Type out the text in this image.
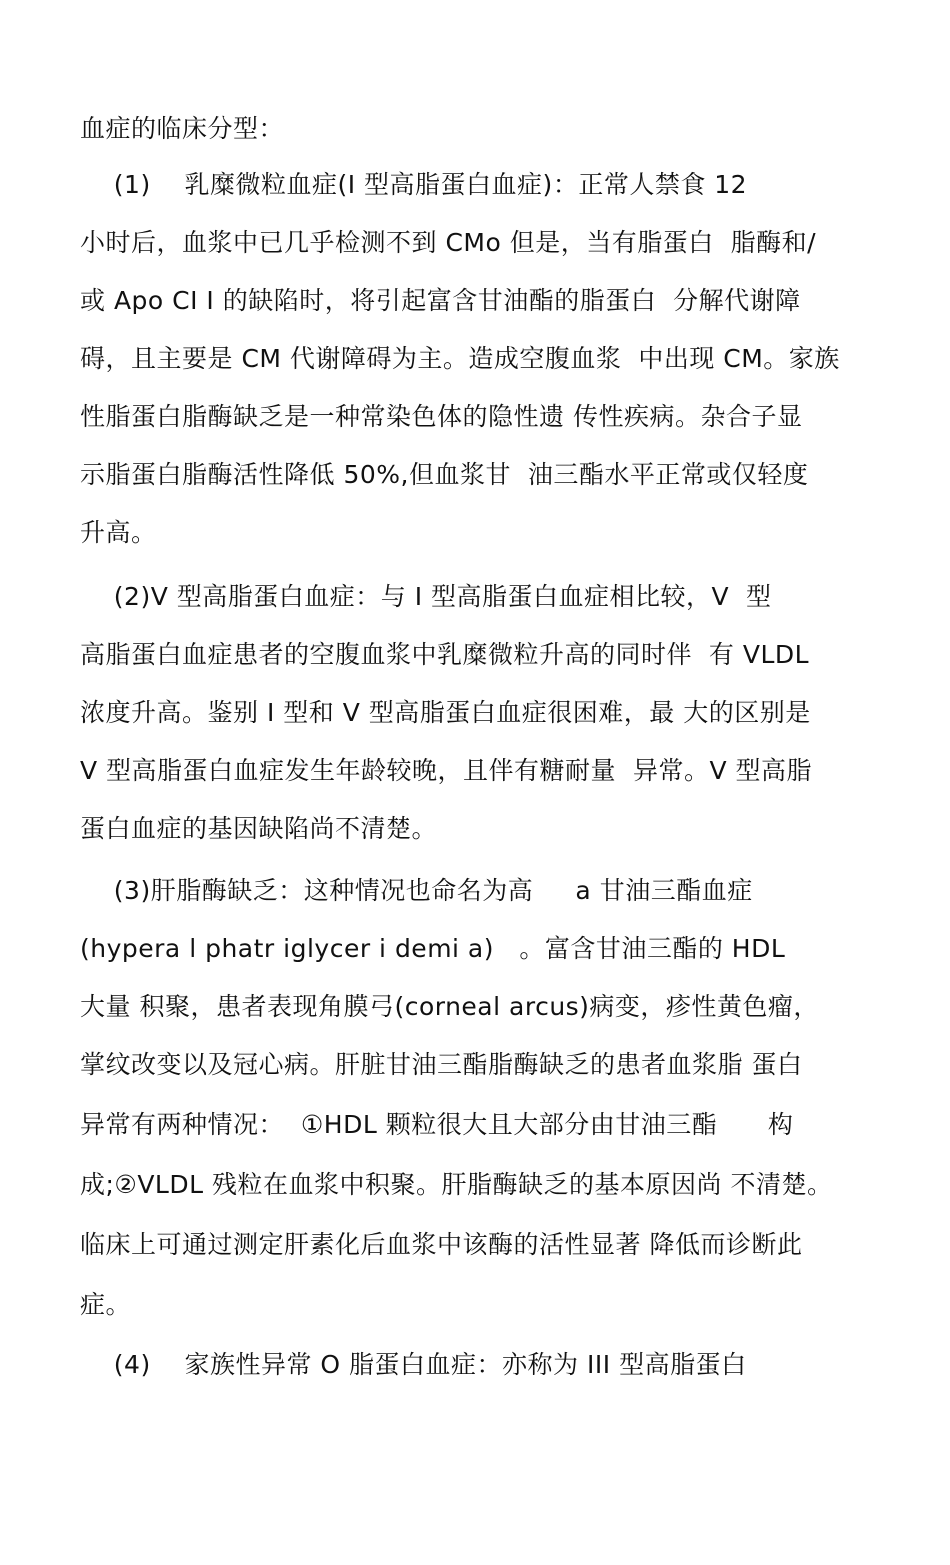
血症的临床分型：
(1)    乳糜微粒血症(I 型高脂蛋白血症)：正常人禁食 12
小时后，血浆中已几乎检测不到 CMo 但是，当有脂蛋白  脂酶和/
或 Apo CI I 的缺陷时，将引起富含甘油酯的脂蛋白  分解代谢障
碍，且主要是 CM 代谢障碍为主。造成空腹血浆  中出现 CM。家族
性脂蛋白脂酶缺乏是一种常染色体的隐性遗 传性疾病。杂合子显
示脂蛋白脂酶活性降低 50%,但血浆甘  油三酯水平正常或仅轻度
升高。
(2)V 型高脂蛋白血症：与 I 型高脂蛋白血症相比较，V  型
高脂蛋白血症患者的空腹血浆中乳糜微粒升高的同时伴  有 VLDL
浓度升高。鉴别 I 型和 V 型高脂蛋白血症很困难，最 大的区别是
V 型高脂蛋白血症发生年龄较晚，且伴有糖耐量  异常。V 型高脂
蛋白血症的基因缺陷尚不清楚。
(3)肝脂酶缺乏：这种情况也命名为高     a 甘油三酯血症
(hypera l phatr iglycer i demi a)   。富含甘油三酯的 HDL
大量 积聚，患者表现角膜弓(corneal arcus)病变，疹性黄色瘤，
掌纹改变以及冠心病。肝脏甘油三酯脂酶缺乏的患者血浆脂 蛋白
异常有两种情况：  ①HDL 颗粒很大且大部分由甘油三酯      构
成;②VLDL 残粒在血浆中积聚。肝脂酶缺乏的基本原因尚 不清楚。
临床上可通过测定肝素化后血浆中该酶的活性显著 降低而诊断此
症。
(4)    家族性异常 O 脂蛋白血症：亦称为 III 型高脂蛋白
